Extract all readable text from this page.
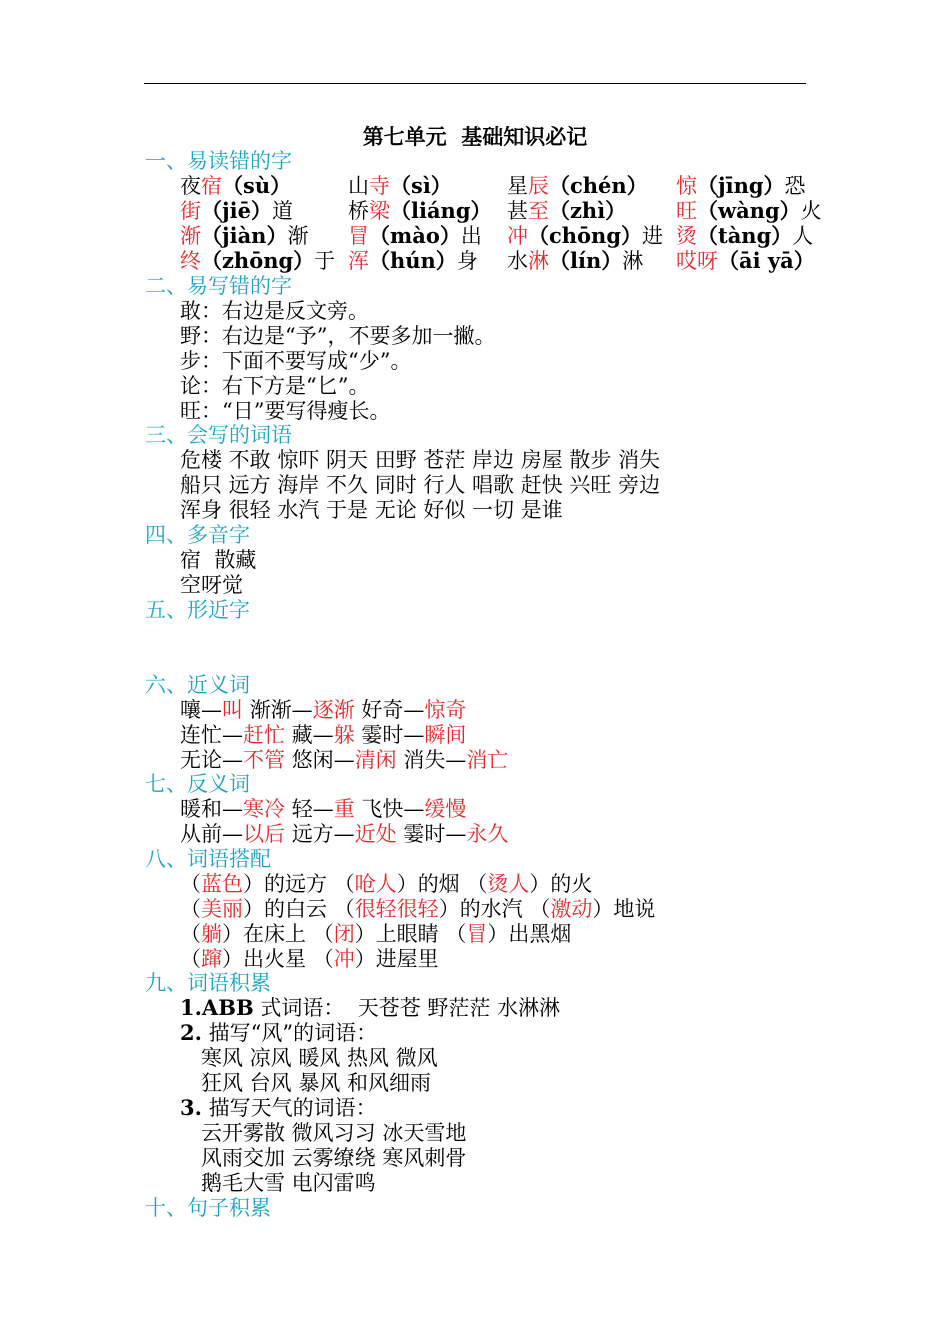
第七单元  基础知识必记
一、易读错的字
夜宿（sù）	山寺（sì）	星辰（chén） 惊（jīng）恐
街（jiē）道	桥梁（liáng） 甚至（zhì） 旺（wàng）火
渐（jiàn）渐 冒（mào）出 冲（chōng）进 烫（tàng）人
终（zhōng）于 浑（hún）身 水淋（lín）淋 哎呀（āi yā）
二、易写错的字
敢：右边是反文旁。
野：右边是“予”，不要多加一撇。
步：下面不要写成“少”。
论：右下方是“匕”。
旺：“日”要写得瘦长。
三、会写的词语
危楼 不敢 惊吓 阴天 田野 苍茫 岸边 房屋 散步 消失
船只 远方 海岸 不久 同时 行人 唱歌 赶快 兴旺 旁边
浑身 很轻 水汽 于是 无论 好似 一切 是谁
四、多音字
宿  散藏
空呀觉
五、形近字
六、近义词
嚷—叫 渐渐—逐渐 好奇—惊奇
连忙—赶忙 藏—躲 霎时—瞬间
无论—不管 悠闲—清闲 消失—消亡
七、反义词
暖和—寒冷 轻—重 飞快—缓慢
从前—以后 远方—近处 霎时—永久
八、词语搭配
（蓝色）的远方 （呛人）的烟 （烫人）的火
（美丽）的白云 （很轻很轻）的水汽 （激动）地说
（躺）在床上 （闭）上眼睛 （冒）出黑烟
（蹿）出火星 （冲）进屋里
九、词语积累
1.ABB 式词语：  天苍苍 野茫茫 水淋淋
2. 描写“风”的词语：
寒风 凉风 暖风 热风 微风
狂风 台风 暴风 和风细雨
3. 描写天气的词语：
云开雾散 微风习习 冰天雪地
风雨交加 云雾缭绕 寒风刺骨
鹅毛大雪 电闪雷鸣
十、句子积累
